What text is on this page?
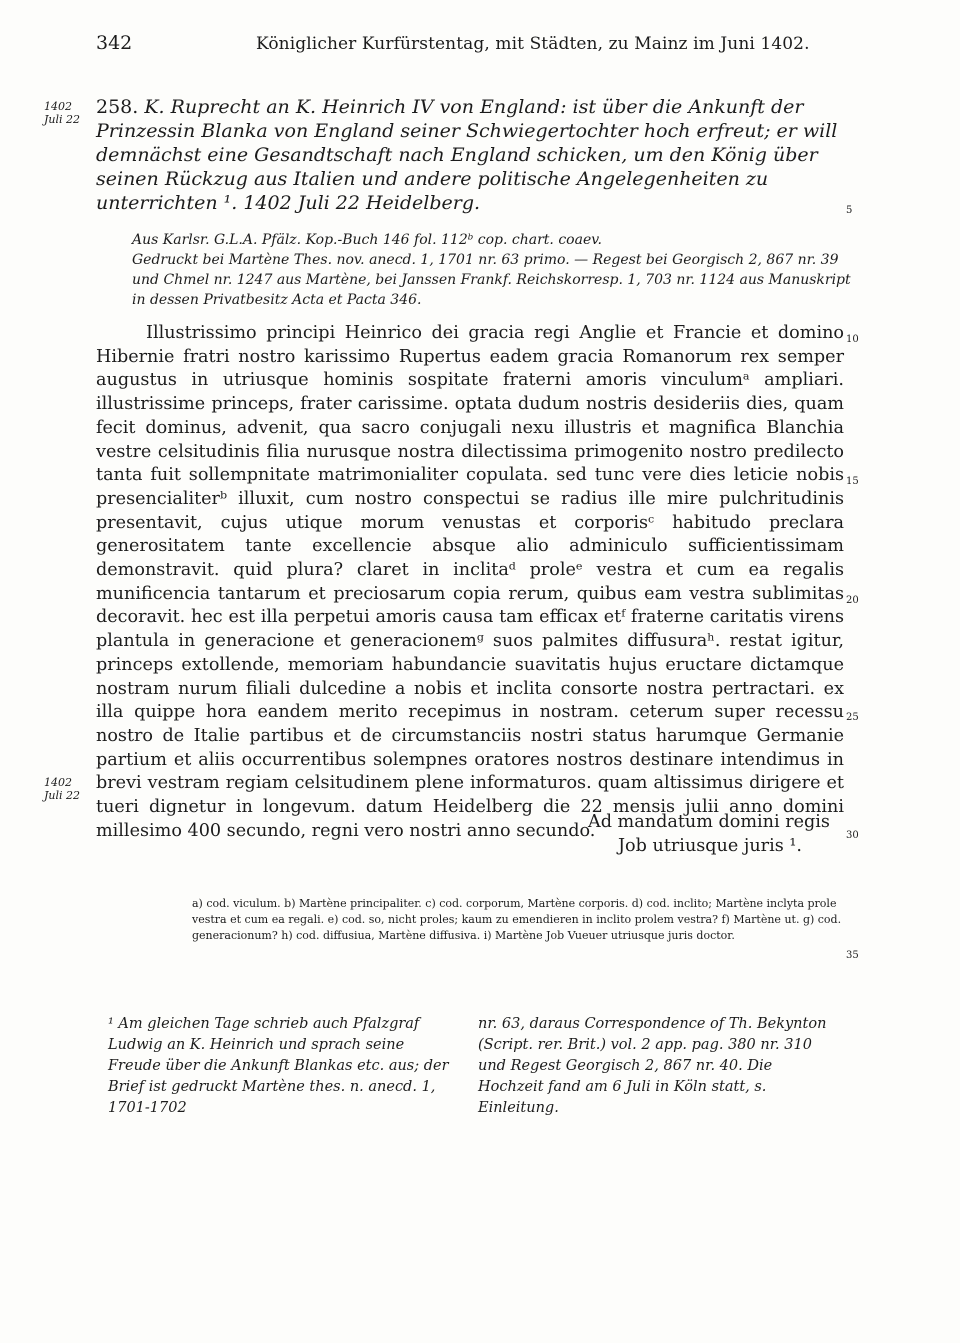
342	Königlicher Kurfürstentag, mit Städten, zu Mainz im Juni 1402.
1402 Juli 22
1402 Juli 22
5
10
15
20
25
30
35
258. K. Ruprecht an K. Heinrich IV von England: ist über die Ankunft der Prinzessin Blanka von England seiner Schwiegertochter hoch erfreut; er will demnächst eine Gesandtschaft nach England schicken, um den König über seinen Rückzug aus Italien und andere politische Angelegenheiten zu unterrichten ¹. 1402 Juli 22 Heidelberg.

Aus Karlsr. G.L.A. Pfälz. Kop.-Buch 146 fol. 112ᵇ cop. chart. coaev.

Gedruckt bei Martène Thes. nov. anecd. 1, 1701 nr. 63 primo. — Regest bei Georgisch 2, 867 nr. 39 und Chmel nr. 1247 aus Martène, bei Janssen Frankf. Reichskorresp. 1, 703 nr. 1124 aus Manuskript in dessen Privatbesitz Acta et Pacta 346.

Illustrissimo principi Heinrico dei gracia regi Anglie et Francie et domino Hibernie fratri nostro karissimo Rupertus eadem gracia Romanorum rex semper augustus in utriusque hominis sospitate fraterni amoris vinculumᵃ ampliari. illustrissime princeps, frater carissime. optata dudum nostris desideriis dies, quam fecit dominus, advenit, qua sacro conjugali nexu illustris et magnifica Blanchia vestre celsitudinis filia nurusque nostra dilectissima primogenito nostro predilecto tanta fuit sollempnitate matrimonialiter copulata. sed tunc vere dies leticie nobis presencialiterᵇ illuxit, cum nostro conspectui se radius ille mire pulchritudinis presentavit, cujus utique morum venustas et corporisᶜ habitudo preclara generositatem tante excellencie absque alio adminiculo sufficientissimam demonstravit. quid plura? claret in inclitaᵈ proleᵉ vestra et cum ea regalis munificencia tantarum et preciosarum copia rerum, quibus eam vestra sublimitas decoravit. hec est illa perpetui amoris causa tam efficax etᶠ fraterne caritatis virens plantula in generacione et generacionemᵍ suos palmites diffusuraʰ. restat igitur, princeps extollende, memoriam habundancie suavitatis hujus eructare dictamque nostram nurum filiali dulcedine a nobis et inclita consorte nostra pertractari. ex illa quippe hora eandem merito recepimus in nostram. ceterum super recessu nostro de Italie partibus et de circumstanciis nostri status harumque Germanie partium et aliis occurrentibus solempnes oratores nostros destinare intendimus in brevi vestram regiam celsitudinem plene informaturos. quam altissimus dirigere et tueri dignetur in longevum. datum Heidelberg die 22 mensis julii anno domini millesimo 400 secundo, regni vero nostri anno secundo.

Ad mandatum domini regis
Job utriusque juris ¹.

a) cod. viculum. b) Martène principaliter. c) cod. corporum, Martène corporis. d) cod. inclito; Martène inclyta prole vestra et cum ea regali. e) cod. so, nicht proles; kaum zu emendieren in inclito prolem vestra? f) Martène ut. g) cod. generacionum? h) cod. diffusiua, Martène diffusiva. i) Martène Job Vueuer utriusque juris doctor.

¹ Am gleichen Tage schrieb auch Pfalzgraf Ludwig an K. Heinrich und sprach seine Freude über die Ankunft Blankas etc. aus; der Brief ist gedruckt Martène thes. n. anecd. 1, 1701-1702

nr. 63, daraus Correspondence of Th. Bekynton (Script. rer. Brit.) vol. 2 app. pag. 380 nr. 310 und Regest Georgisch 2, 867 nr. 40. Die Hochzeit fand am 6 Juli in Köln statt, s. Einleitung.
